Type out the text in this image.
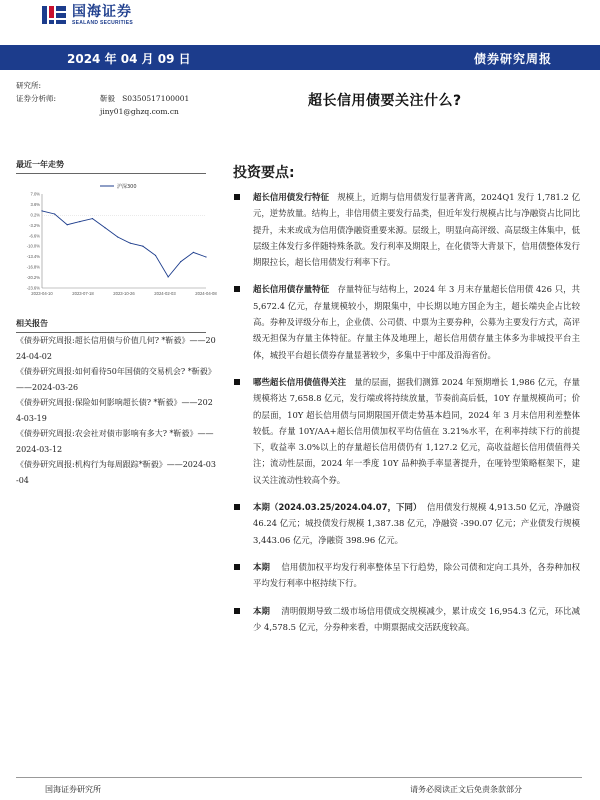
国海证券
SEALAND SECURITIES
2024 年 04 月 09 日	债券研究周报
研究所:
证券分析师:	靳毅 S0350517100001
jiny01@ghzq.com.cn
超长信用债要关注什么?
最近一年走势
7.0%
3.6%
0.2%
-3.2%
-6.6%
-10.0%
-13.4%
-16.8%
-20.2%
-23.6%
2023-04-10	2023-07-18	2023-10-26	2024-02-03	2024-04-08
沪深300
相关报告
《债券研究周报:超长信用债与价值几何? *靳毅》——2024-04-02
《债券研究周报:如何看待50年国债的交易机会? *靳毅》——2024-03-26
《债券研究周报:保险如何影响超长债? *靳毅》——2024-03-19
《债券研究周报:农会社对债市影响有多大? *靳毅》——2024-03-12
《债券研究周报:机构行为每周跟踪*靳毅》——2024-03-04
投资要点:
超长信用债发行特征 规模上，近期与信用债发行显著背离，2024Q1 发行 1,781.2 亿元，逆势放量。结构上，非信用债主要发行品类，但近年发行规模占比与净融资占比同比提升，未来或成为信用债净融资重要来源。层级上，明显向高评级、高层级主体集中，低层级主体发行多伴随特殊条款。发行利率及期限上，在化债等大背景下，信用债整体发行期限拉长，超长信用债发行利率下行。
超长信用债存量特征 存量特征与结构上，2024 年 3 月末存量超长信用债 426 只，共 5,672.4 亿元，存量规模较小，期限集中，中长期以地方国企为主，超长端央企占比较高。券种及评级分布上，企业债、公司债、中票为主要券种，公募为主要发行方式，高评级无担保为存量主体特征。存量主体及地理上，超长信用债存量主体多为非城投平台主体，城投平台超长债券存量显著较少，多集中于中部及沿海省份。
哪些超长信用债值得关注 量的层面，据我们测算 2024 年预期增长 1,986 亿元，存量规模将达 7,658.8 亿元，发行端或将持续放量，节奏前高后低，10Y 存量规模尚可；价的层面，10Y 超长信用债与同期限国开债走势基本趋同，2024 年 3 月末信用利差整体较低。存量 10Y/AA+超长信用债加权平均估值在 3.21%水平，在利率持续下行的前提下，收益率 3.0%以上的存量超长信用债仍有 1,127.2 亿元，高收益超长信用债值得关注；流动性层面，2024 年一季度 10Y 品种换手率显著提升，在哑铃型策略框架下，建议关注流动性较高个券。
本期（2024.03.25/2024.04.07，下同） 信用债发行规模 4,913.50 亿元，净融资 46.24 亿元；城投债发行规模 1,387.38 亿元，净融资 -390.07 亿元；产业债发行规模 3,443.06 亿元，净融资 398.96 亿元。
本期 信用债加权平均发行利率整体呈下行趋势，除公司债和定向工具外，各券种加权平均发行利率中枢持续下行。
本期 清明假期导致二级市场信用债成交规模减少，累计成交 16,954.3 亿元，环比减少 4,578.5 亿元，分券种来看，中期票据成交活跃度较高。
国海证券研究所	请务必阅读正文后免责条款部分
